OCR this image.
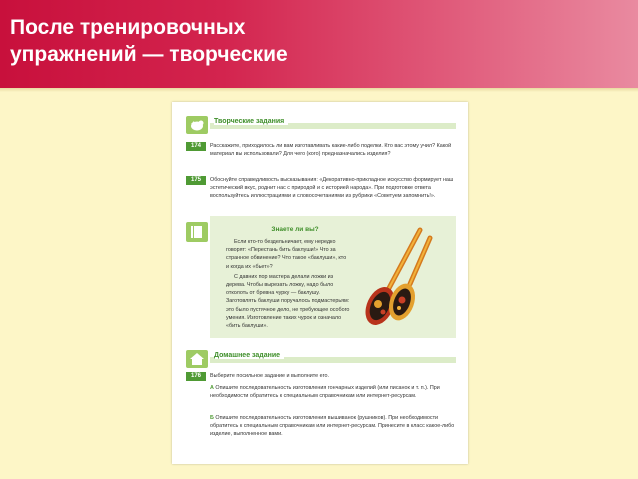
После тренировочных
упражнений — творческие
Творческие задания
174	Расскажите, приходилось ли вам изготавливать какие-либо поделки. Кто вас этому учил? Какой материал вы использовали? Для чего (кого) предназначались изделия?
175	Обоснуйте справедливость высказывания: «Декоративно-прикладное искусство формирует наш эстетический вкус, роднит нас с природой и с историей народа». При подготовке ответа воспользуйтесь иллюстрациями и словосочетаниями из рубрики «Советуем запомнить!».
Знаете ли вы?

Если кто-то бездельничает, ему нередко говорят: «Перестань бить баклуши!» Что за странное обвинение? Что такое «баклуши», кто и когда их «бьет»?

С давних пор мастера делали ложки из дерева. Чтобы вырезать ложку, надо было отколоть от бревна чурку — баклушу. Заготовлять баклуши поручалось подмастерьям: это было пустячное дело, не требующее особого умения. Изготовление таких чурок и означало «бить баклуши».

Домашнее задание
176	Выберите посильное задание и выполните его.
А Опишите последовательность изготовления гончарных изделий (или писанок и т. п.). При необходимости обратитесь к специальным справочникам или интернет-ресурсам.
Б Опишите последовательность изготовления вышиванок (рушников). При необходимости обратитесь к специальным справочникам или интернет-ресурсам. Принесите в класс какое-либо изделие, выполненное вами.
